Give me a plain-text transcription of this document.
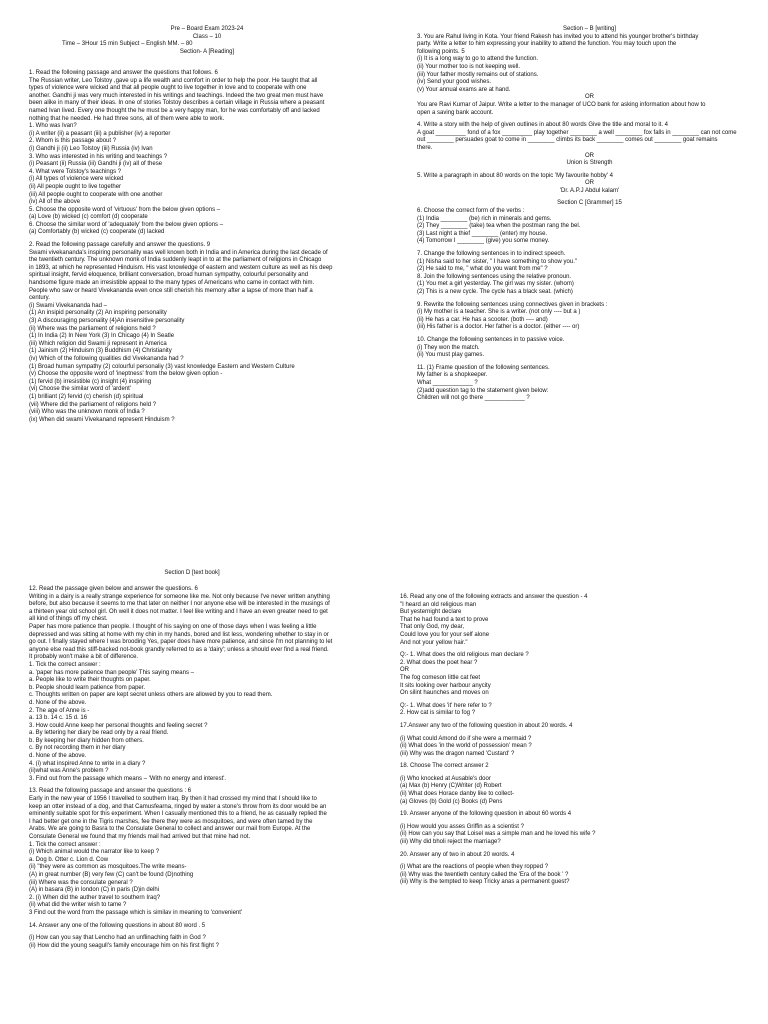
Pre – Board Exam 2023-24
Class – 10
Time – 3Hour 15 min Subject – English MM. – 80
Section- A [Reading]
1. Read the following passage and answer the questions that follows. 6
The Russian writer, Leo Tolstoy ,gave up a life wealth and comfort in order to help the poor. He taught that all
types of violence were wicked and that all people ought to live together in love and to cooperate with one
another. Gandhi ji was very much interested in his writings and teachings. Indeed the two great men must have
been alike in many of their ideas. In one of stories Tolstoy describes a certain village in Russia where a peasant
named Ivan lived. Every one thought the he must be a very happy man, for he was comfortably off and lacked
nothing that he needed. He had three sons, all of them were able to work.
1. Who was Ivan?
(i) A writer (ii) a peasant (iii) a publisher (iv) a reporter
2. Whom is this passage about ?
(i) Gandhi ji (ii) Leo Tolstoy (iii) Russia (iv) Ivan
3. Who was interested in his writing and teachings ?
(i) Peasant (ii) Russia (iii) Gandhi ji (iv) all of these
4. What were Tolstoy's teachings ?
(i) All types of violence were wicked
(ii) All people ought to live together
(iii) All people ought to cooperate with one another
(iv) All of the above
5. Choose the opposite word of 'virtuous' from the below given options –
(a) Love (b) wicked (c) comfort (d) cooperate
6. Choose the similar word of 'adequately' from the below given options –
(a) Comfortably (b) wicked (c) cooperate (d) lacked
2. Read the following passage carefully and answer the questions. 9
Swami vivekananda's inspiring personality was well known both in India and in America during the last decade of
the twentieth century. The unknown monk of India suddenly leapt in to at the parliament of religions in Chicago
in 1893, at which he represented Hinduism. His vast knowledge of eastern and western culture as well as his deep
spiritual insight, fervid eloquence, brilliant conversation, broad human sympathy, colourful personality and
handsome figure made an irresistible appeal to the many types of Americans who came in contact with him.
People who saw or heard Vivekananda even once still cherish his memory after a lapse of more than half a
century.
(i) Swami Vivekananda had –
(1) An insipid personality (2) An inspiring personality
(3) A discouraging personality (4)An insensitive personality
(ii) Where was the parliament of religions held ?
(1) In India (2) In New York (3) In Chicago (4) In Seatle
(iii) Which religion did Swami ji represent in America
(1) Jainism (2) Hinduism (3) Buddhism (4) Christianity
(iv) Which of the following qualities did Vivekananda had ?
(1) Broad human sympathy (2) colourful personaliy (3) vast knowledge Eastern and Western Culture
(v) Choose the opposite word of 'ineptness' from the below given option -
(1) fervid (b) irresistible (c) insight (4) inspiring
(vi) Choose the similar word of 'ardent'
(1) brilliant (2) fervid (c) cherish (d) spiritual
(vii) Where did the parliament of religions held ?
(viii) Who was the unknown monk of India ?
(ix) When did swami Vivekanand represent Hinduism ?
Section – B [writing]
3. You are Rahul living in Kota. Your friend Rakesh has invited you to attend his younger brother's birthday
party. Write a letter to him expressing your inability to attend the function. You may touch upon the
following points. 5
(i) It is a long way to go to attend the function.
(ii) Your mother too is not keeping well.
(iii) Your father mostly remains out of stations.
(iv) Send your good wishes.
(v) Your annual exams are at hand.
OR
You are Ravi Kumar of Jaipur. Write a letter to the manager of UCO bank for asking information about how to
open a saving bank account.
4. Write a story with the help of given outlines in about 80 words Give the title and moral to it. 4
A goat _________ fond of a fox _________ play together ________ a well ________ fox falls in ________ can not come
out ________ persuades goat to come in ________ climbs its back ________ comes out ________ goat remains
there.
OR
Union is Strength
5. Write a paragraph in about 80 words on the topic 'My favourite hobby' 4
OR
'Dr. A.P.J Abdul kalam'
Section C [Grammer] 15
6. Choose the correct form of the verbs :
(1) India ________ (be) rich in minerals and gems.
(2) They ________ (take) tea when the postman rang the bel.
(3) Last night a thief ________ (enter) my house.
(4) Tomorrow I ________ (give) you some money.
7. Change the following sentences in to indirect speech.
(1) Nisha said to her sister, " I have something to show you."
(2) He said to me, " what do you want from me" ?
8. Join the following sentences using the relative pronoun.
(1) You met a girl yesterday. The girl was my sister. (whom)
(2) This is a new cycle. The cycle has a black seat. (which)
9. Rewrite the following sentences using connectives given in brackets :
(i) My mother is a teacher. She is a writer. (not only ---- but a )
(ii) He has a car. He has a scooter. (both ---- and)
(iii) His father is a doctor. Her father is a doctor. (either ---- or)
10. Change the following sentences in to passive voice.
(i) They won the match.
(ii) You must play games.
11. (1) Frame question of the following sentences.
My father is a shopkeeper.
What ____________ ?
(2)add question tag to the statement given below:
Children will not go there ____________ ?
Section D [text book]
12. Read the passage given below and answer the questions. 6
Writing in a dairy is a really strange experience for someone like me. Not only because I've never written anything
before, but also because it seems to me that later on neither I nor anyone else will be interested in the musings of
a thirteen year old school girl. Oh well it does not matter. I feel like writing and I have an even greater need to get
all kind of things off my chest.
Paper has more patience than people. I thought of his saying on one of those days when I was feeling a little
depressed and was sitting at home with my chin in my hands, bored and list less, wondering whether to stay in or
go out. I finally stayed where I was brooding Yes, paper does have more patience, and since I'm not planning to let
anyone else read this stiff-backed not-book grandly referred to as a 'dairy'; unless a should ever find a real friend.
It probably won't make a bit of difference.
1. Tick the correct answer :
a. 'paper has more patience than people' This saying means –
a. People like to write their thoughts on paper.
b. People should learn patience from paper.
c. Thoughts written on paper are kept secret unless others are allowed by you to read them.
d. None of the above.
2. The age of Anne is -
a. 13 b. 14 c. 15 d. 16
3. How could Anne keep her personal thoughts and feeling secret ?
a. By lettering her diary be read only by a real friend.
b. By keeping her diary hidden from others.
c. By not recording them in her diary
d. None of the above.
4. (i) what inspired Anne to write in a diary ?
(ii)what was Anne's problem ?
3. Find out from the passage which means – 'With no energy and interest'.
13. Read the following passage and answer the questions : 6
Early in the new year of 1956 I travelled to southern Iraq. By then it had crossed my mind that I should like to
keep an otter instead of a dog, and that Camusfearna, ringed by water a stone's throw from its door would be an
eminently suitable spot for this experiment. When I casually mentioned this to a friend, he as casually replied the
I had better get one in the Tigris marshes, fee there they were as mosquitoes, and were often tamed by the
Arabs. We are going to Basra to the Consulate General to collect and answer our mail from Europe. At the
Consulate General we found that my friends mail had arrived but that mine had not.
1. Tick the correct answer :
(i) Which animal would the narrator like to keep ?
a. Dog b. Otter c. Lion d. Cow
(ii) "they were as common as mosquitoes.The write means-
(A) in great number (B) very few (C) can't be found (D)nothing
(iii) Where was the consulate general ?
(A) in basara (B) in london (C) in paris (D)in delhi
2. (i) When did the auther travel to southern Iraq?
(ii) what did the writer wish to tame ?
3 Find out the word from the passage which is similav in meaning to 'convenient'
14. Answer any one of the following questions in about 80 word . 5
(i) How can you say that Lencho had an unflinaching faith in God ?
(ii) How did the young seagull's family encourage him on his first flight ?
16. Read any one of the following extracts and answer the question - 4
"I heard an old religious man
But yesternight declare
That he had found a text to prove
That only God, my dear,
Could love you for your self alone
And not your yellow hair."
Q:- 1. What does the old religious man declare ?
2. What does the poet hear ?
OR
The fog comeson little cat feet
It sits looking over harbour anycity
On silint haunches and moves on
Q:- 1. What does 'it' here refer to ?
2. How cat is similar to fog ?
17.Answer any two of the following question in about 20 words. 4
(i) What could Amond do if she were a mermaid ?
(ii) What does 'in the world of possession' mean ?
(iii) Why was the dragon named 'Custard' ?
18. Choose The correct answer 2
(i) Who knocked at Ausable's door
(a) Max (b) Henry (C)Writer (d) Robert
(ii) What does Horace danby like to collect-
(a) Gloves (b) Gold (c) Books (d) Pens
19. Answer anyone of the following question in about 60 words 4
(i) How would you asses Griffin as a scientist ?
(ii) How can you say that Loisel was a simple man and he loved his wife ?
(iii) Why did bholi reject the marriage?
20. Answer any of two in about 20 words. 4
(i) What are the reactions of people when they ropped ?
(ii) Why was the twentieth century called the 'Era of the book ' ?
(iii) Why is the tempted to keep Tricky anas a permanent guest?
